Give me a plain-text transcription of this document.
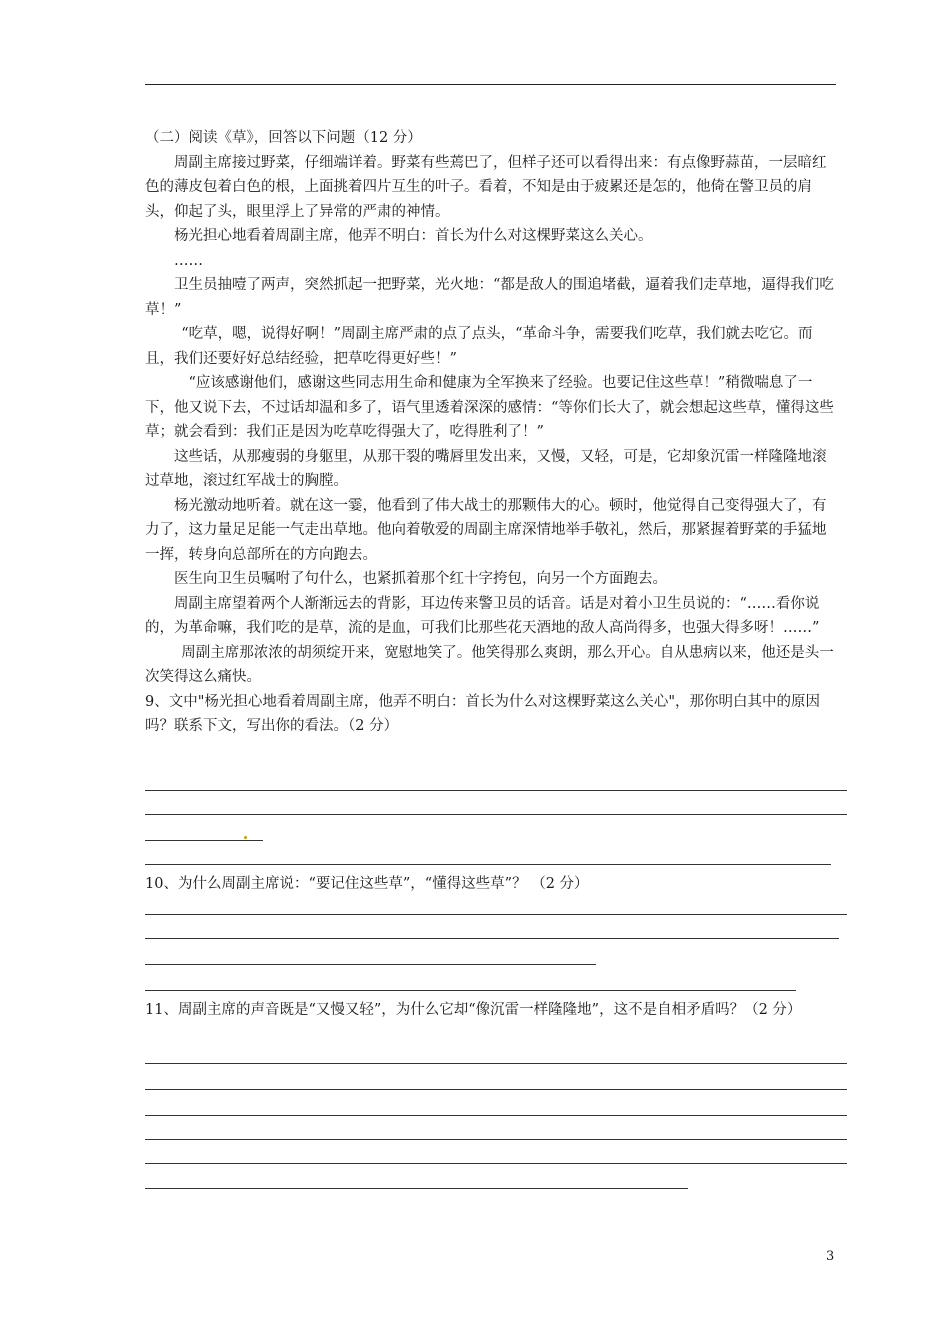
（二）阅读《草》，回答以下问题（12 分）

周副主席接过野菜，仔细端详着。野菜有些蔫巴了，但样子还可以看得出来：有点像野蒜苗，一层暗红色的薄皮包着白色的根，上面挑着四片互生的叶子。看着，不知是由于疲累还是怎的，他倚在警卫员的肩头，仰起了头，眼里浮上了异常的严肃的神情。

杨光担心地看着周副主席，他弄不明白：首长为什么对这棵野菜这么关心。

……

卫生员抽噎了两声，突然抓起一把野菜，光火地：“都是敌人的围追堵截，逼着我们走草地，逼得我们吃草！”

“吃草，嗯，说得好啊！”周副主席严肃的点了点头，“革命斗争，需要我们吃草，我们就去吃它。而且，我们还要好好总结经验，把草吃得更好些！”

“应该感谢他们，感谢这些同志用生命和健康为全军换来了经验。也要记住这些草！”稍微喘息了一下，他又说下去，不过话却温和多了，语气里透着深深的感情：“等你们长大了，就会想起这些草，懂得这些草；就会看到：我们正是因为吃草吃得强大了，吃得胜利了！”

这些话，从那瘦弱的身躯里，从那干裂的嘴唇里发出来，又慢，又轻，可是，它却象沉雷一样隆隆地滚过草地，滚过红军战士的胸膛。

杨光激动地听着。就在这一霎，他看到了伟大战士的那颗伟大的心。顿时，他觉得自己变得强大了，有力了，这力量足足能一气走出草地。他向着敬爱的周副主席深情地举手敬礼，然后，那紧握着野菜的手猛地一挥，转身向总部所在的方向跑去。

医生向卫生员嘱咐了句什么，也紧抓着那个红十字挎包，向另一个方面跑去。

周副主席望着两个人渐渐远去的背影，耳边传来警卫员的话音。话是对着小卫生员说的：“……看你说的，为革命嘛，我们吃的是草，流的是血，可我们比那些花天酒地的敌人高尚得多，也强大得多呀！……”

周副主席那浓浓的胡须绽开来，宽慰地笑了。他笑得那么爽朗，那么开心。自从患病以来，他还是头一次笑得这么痛快。

9、文中"杨光担心地看着周副主席，他弄不明白：首长为什么对这棵野菜这么关心"，那你明白其中的原因吗？联系下文，写出你的看法。（2 分）

10、为什么周副主席说：“要记住这些草”，“懂得这些草”？ （2 分）

11、周副主席的声音既是“又慢又轻”，为什么它却“像沉雷一样隆隆地”，这不是自相矛盾吗？（2 分）

3
